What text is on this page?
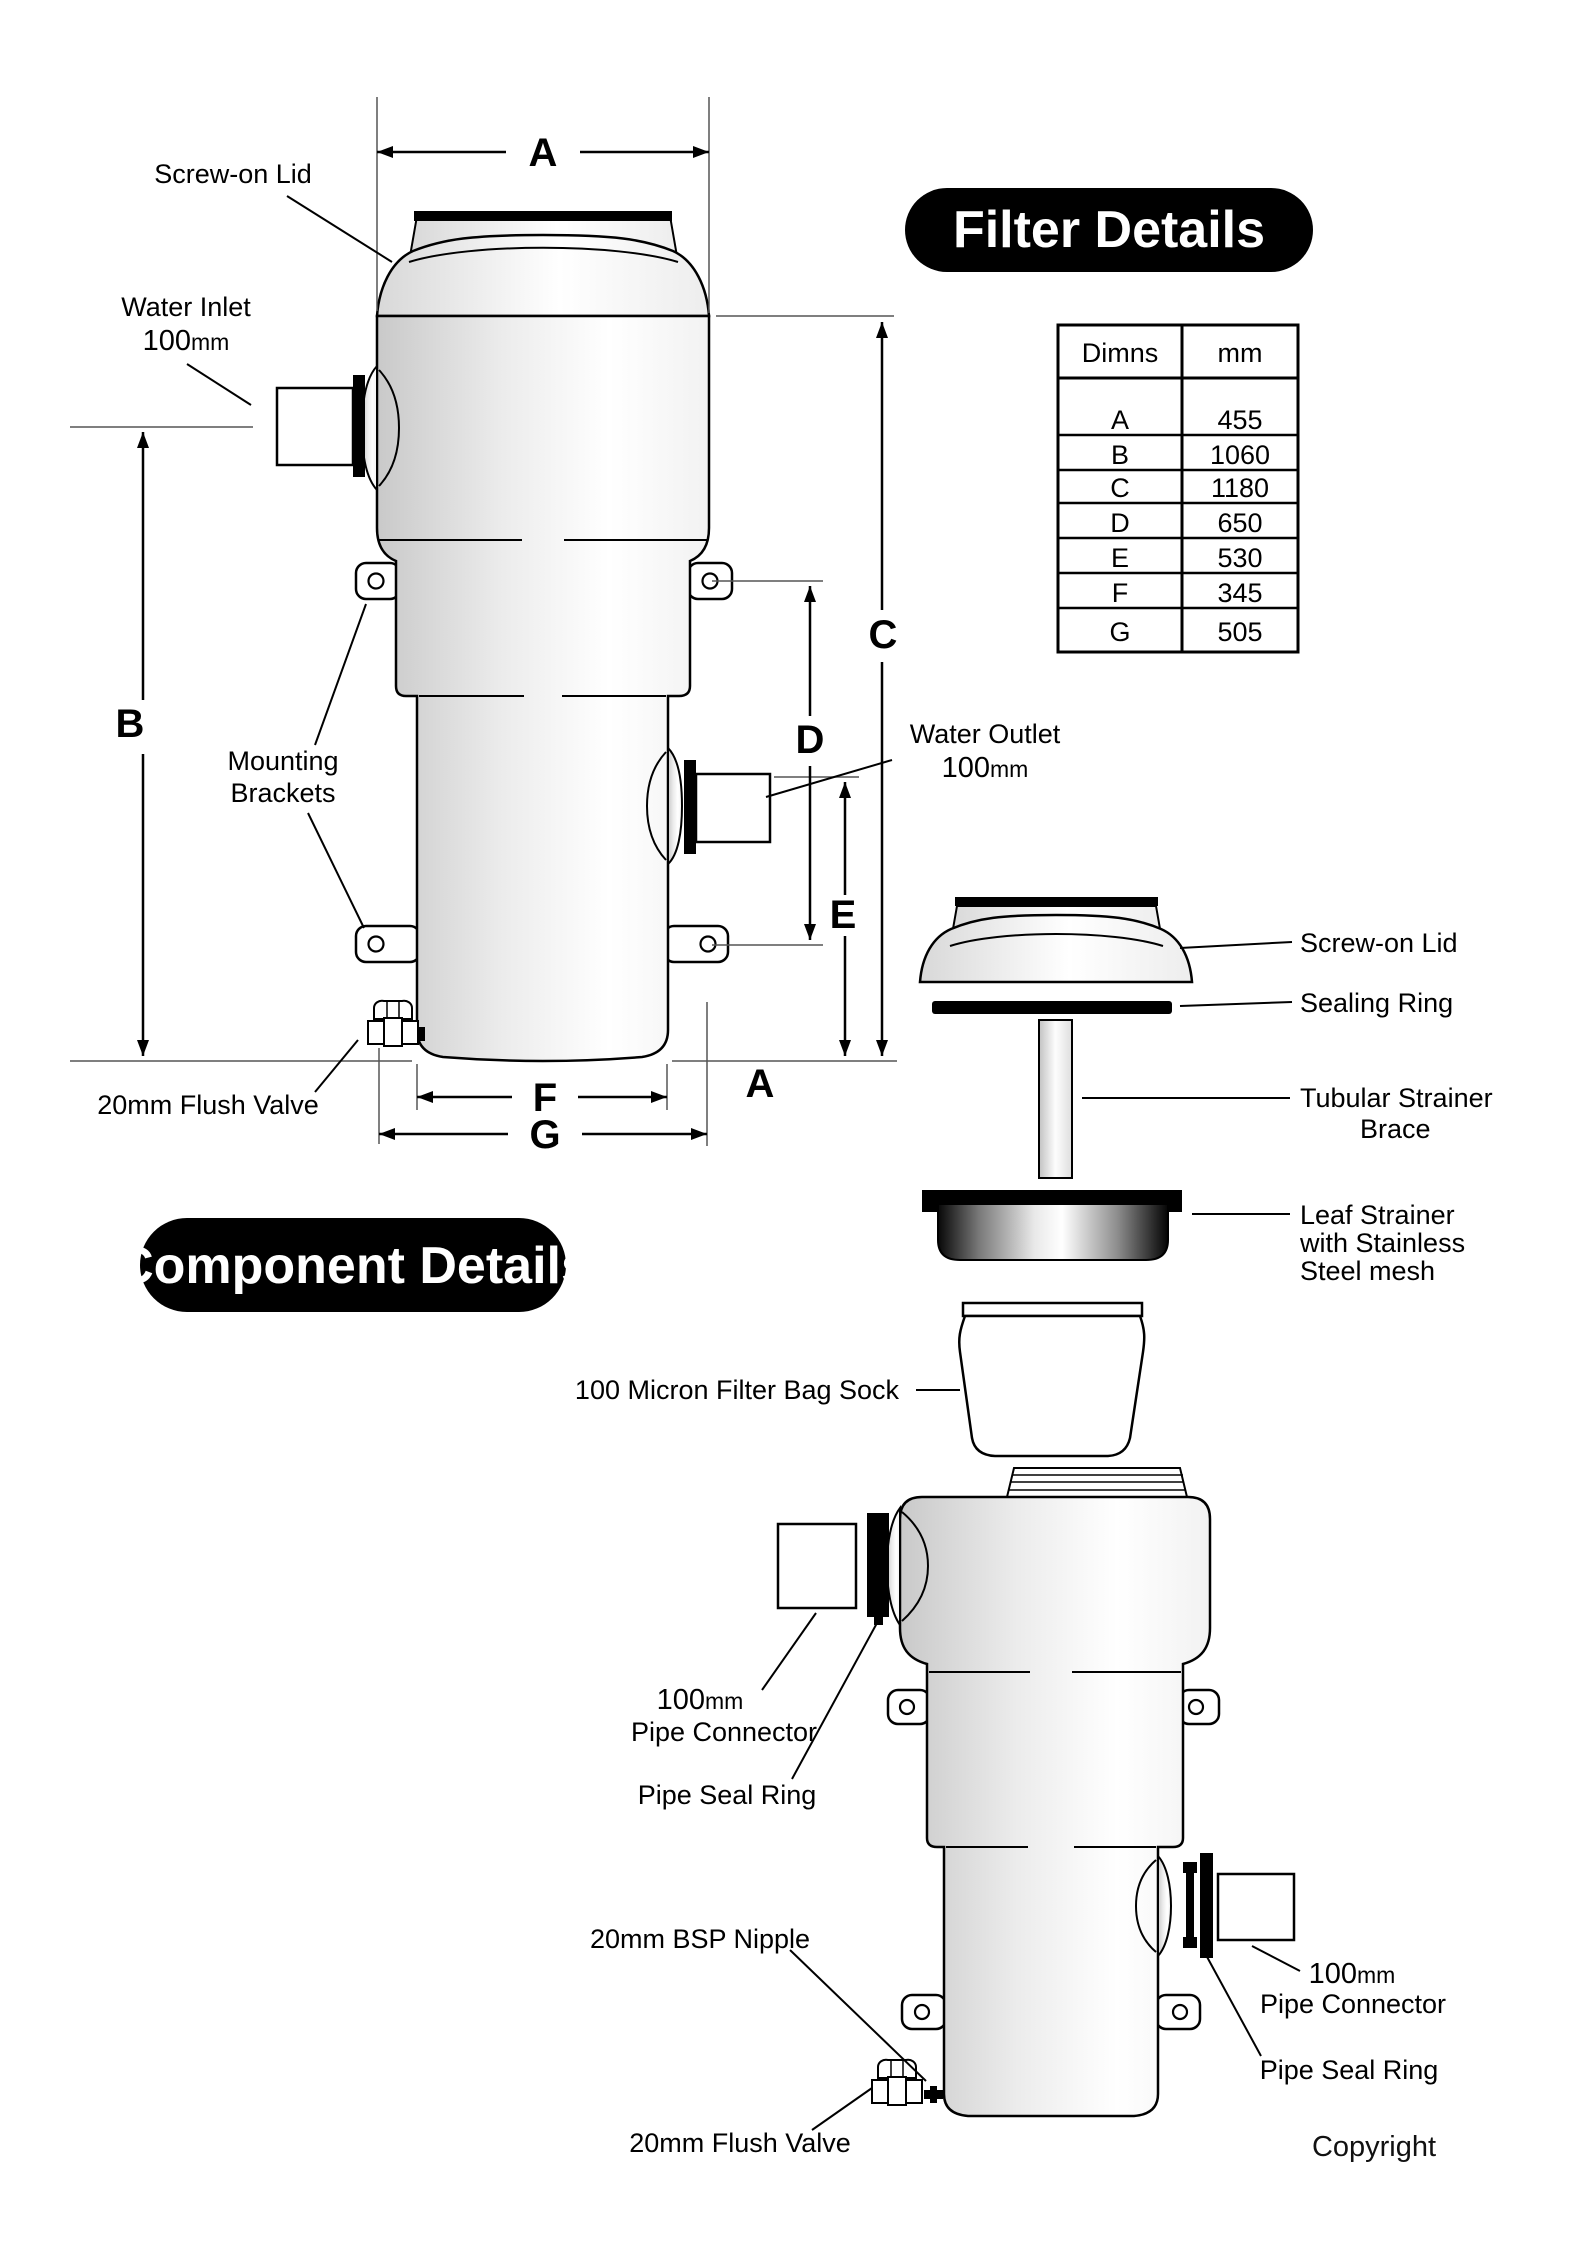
Filter Details
Component Details
Dimns mm
A	455
B	1060
C	1180
D	650
E	530
F	345
G	505
A
B
C
D
E
F
G
A
Screw-on Lid
Water Inlet
100 mm
Mounting
Brackets
20mm Flush Valve
Water Outlet
100 mm
Screw-on Lid
Sealing Ring
Tubular Strainer
Brace
Leaf Strainer
with Stainless
Steel mesh
100 Micron Filter Bag Sock
100 mm
Pipe Connector
Pipe Seal Ring
20mm BSP Nipple
20mm Flush Valve
100 mm
Pipe Connector
Pipe Seal Ring
Copyright
